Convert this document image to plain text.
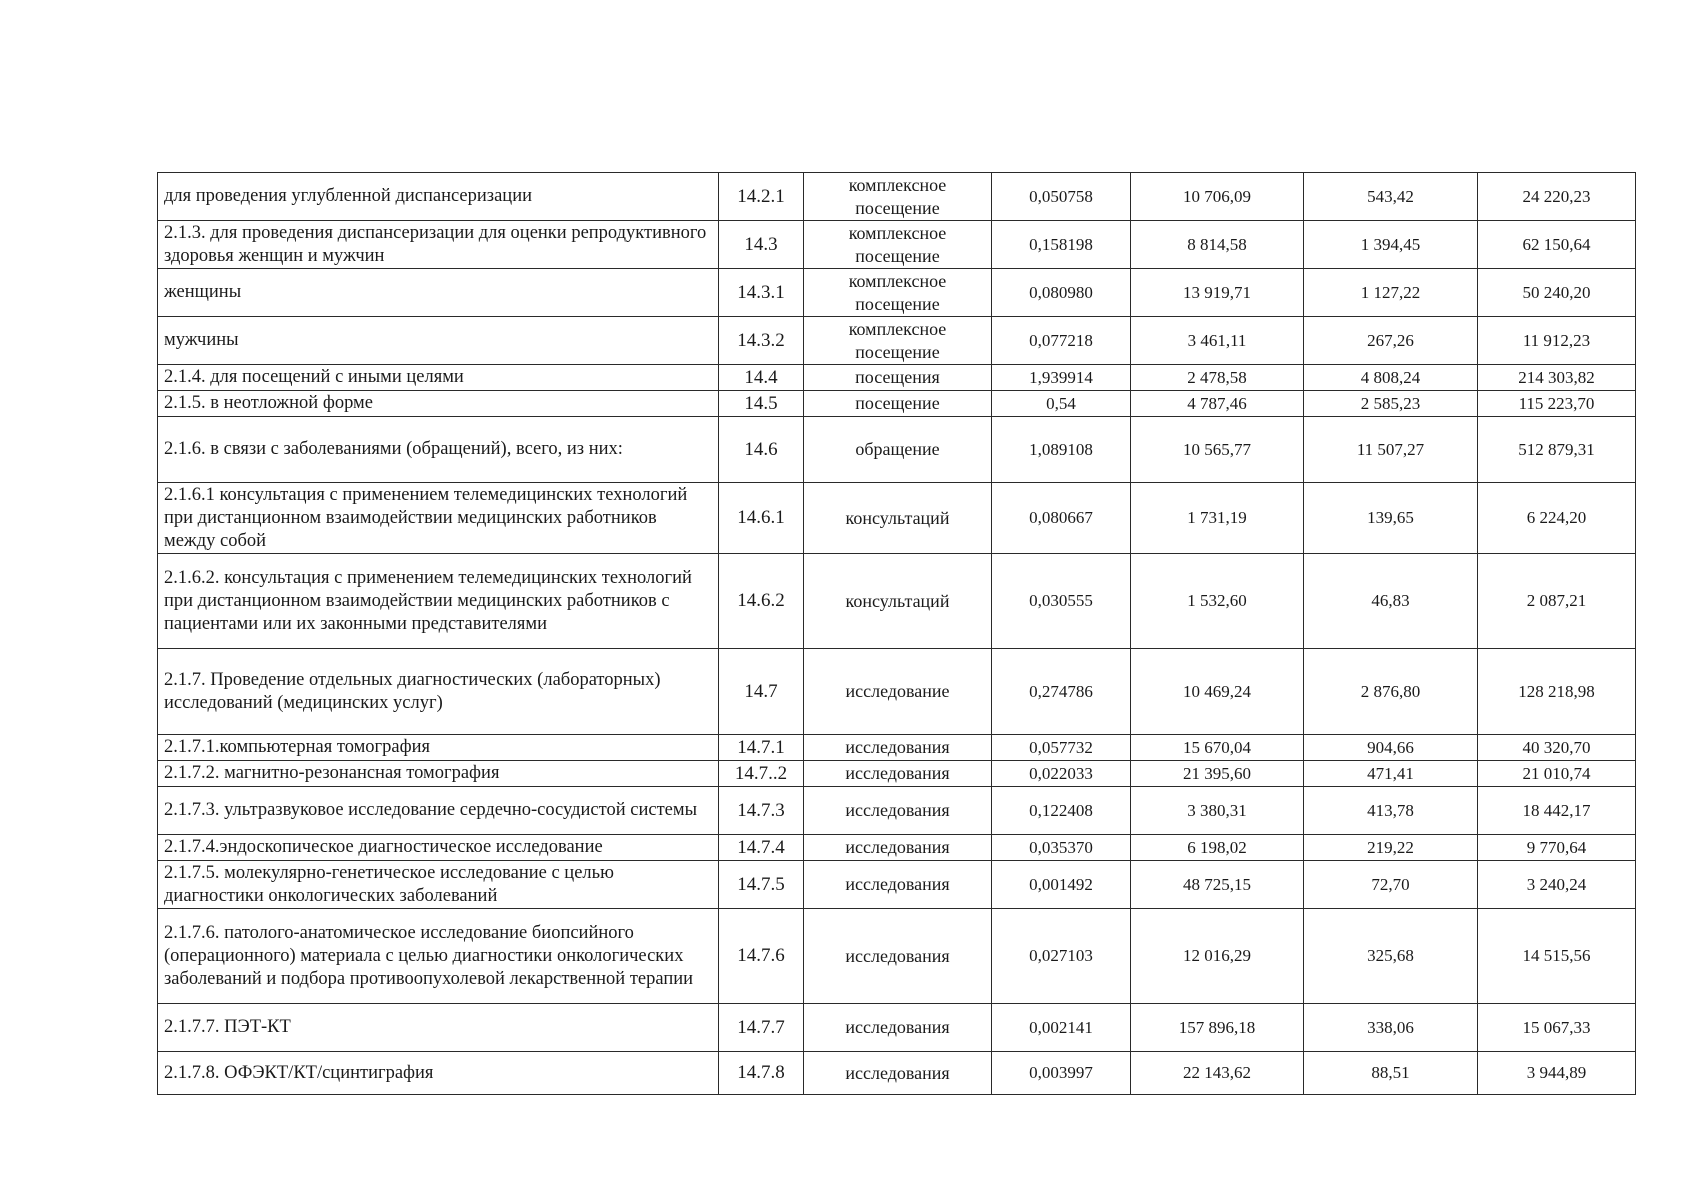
для проведения углубленной диспансеризации	14.2.1	комплексное посещение	0,050758	10 706,09	543,42	24 220,23
2.1.3. для проведения диспансеризации для оценки репродуктивного здоровья женщин и мужчин	14.3	комплексное посещение	0,158198	8 814,58	1 394,45	62 150,64
женщины	14.3.1	комплексное посещение	0,080980	13 919,71	1 127,22	50 240,20
мужчины	14.3.2	комплексное посещение	0,077218	3 461,11	267,26	11 912,23
2.1.4. для посещений с иными целями	14.4	посещения	1,939914	2 478,58	4 808,24	214 303,82
2.1.5. в неотложной форме	14.5	посещение	0,54	4 787,46	2 585,23	115 223,70
2.1.6. в связи с заболеваниями (обращений), всего, из них:	14.6	обращение	1,089108	10 565,77	11 507,27	512 879,31
2.1.6.1 консультация с применением телемедицинских технологий при дистанционном взаимодействии медицинских работников между собой	14.6.1	консультаций	0,080667	1 731,19	139,65	6 224,20
2.1.6.2. консультация с применением телемедицинских технологий при дистанционном взаимодействии медицинских работников с пациентами или их законными представителями	14.6.2	консультаций	0,030555	1 532,60	46,83	2 087,21
2.1.7. Проведение отдельных диагностических (лабораторных) исследований (медицинских услуг)	14.7	исследование	0,274786	10 469,24	2 876,80	128 218,98
2.1.7.1.компьютерная томография	14.7.1	исследования	0,057732	15 670,04	904,66	40 320,70
2.1.7.2. магнитно-резонансная томография	14.7..2	исследования	0,022033	21 395,60	471,41	21 010,74
2.1.7.3. ультразвуковое исследование сердечно-сосудистой системы	14.7.3	исследования	0,122408	3 380,31	413,78	18 442,17
2.1.7.4.эндоскопическое диагностическое исследование	14.7.4	исследования	0,035370	6 198,02	219,22	9 770,64
2.1.7.5. молекулярно-генетическое исследование с целью диагностики онкологических заболеваний	14.7.5	исследования	0,001492	48 725,15	72,70	3 240,24
2.1.7.6. патолого-анатомическое исследование биопсийного (операционного) материала с целью диагностики онкологических заболеваний и подбора противоопухолевой лекарственной терапии	14.7.6	исследования	0,027103	12 016,29	325,68	14 515,56
2.1.7.7. ПЭТ-КТ	14.7.7	исследования	0,002141	157 896,18	338,06	15 067,33
2.1.7.8. ОФЭКТ/КТ/сцинтиграфия	14.7.8	исследования	0,003997	22 143,62	88,51	3 944,89
